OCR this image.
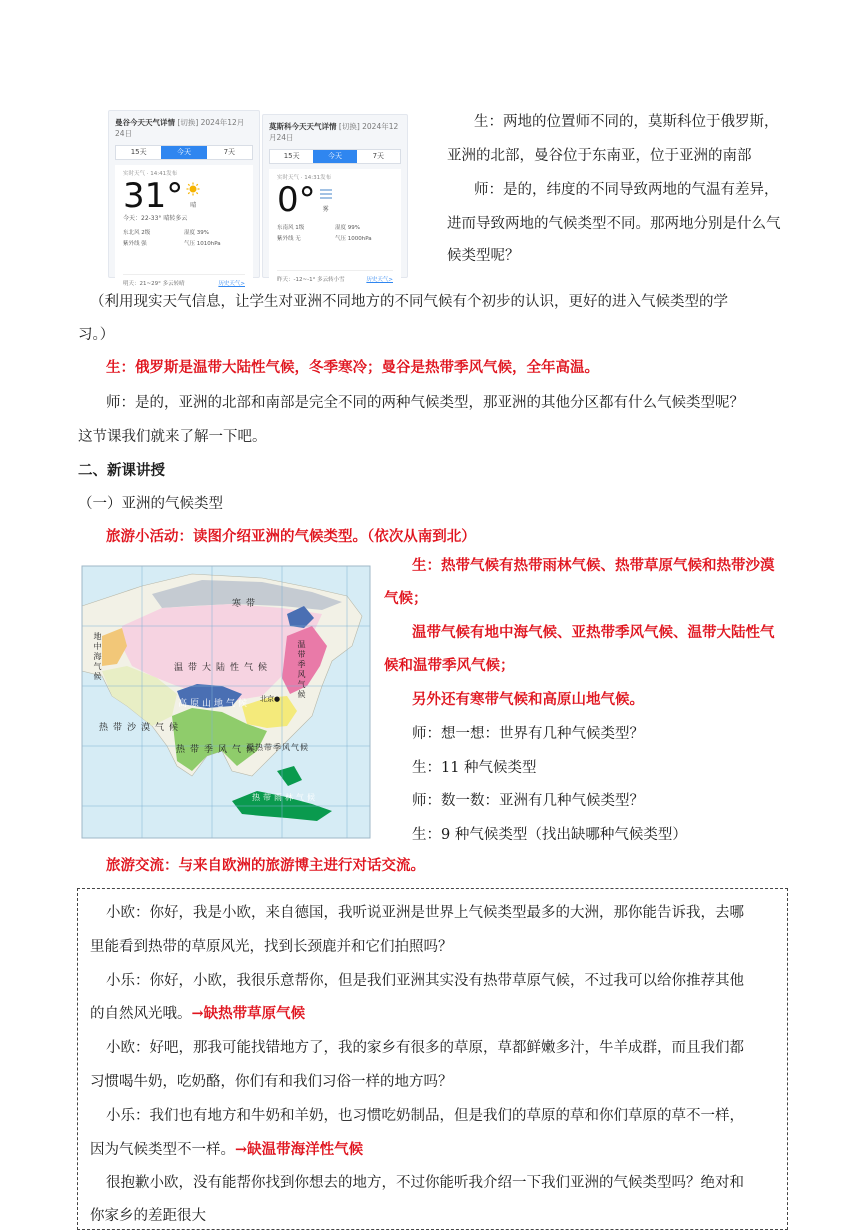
曼谷今天天气详情 [切换] 2024年12月24日
15天	今天	7天
实时天气 · 14:41发布
31°	晴
今天：22-33° 晴转多云
东北风 2级	湿度 39%
紫外线 强	气压 1010hPa
明天：21~29° 多云转晴	历史天气>
莫斯科今天天气详情 [切换] 2024年12月24日
15天	今天	7天
实时天气 · 14:31发布
0°	雾
东南风 1级	湿度 99%
紫外线 无	气压 1000hPa
昨天：-12~-1° 多云转小雪	历史天气>
生：两地的位置师不同的，莫斯科位于俄罗斯，
亚洲的北部，曼谷位于东南亚，位于亚洲的南部
师：是的，纬度的不同导致两地的气温有差异，
进而导致两地的气候类型不同。那两地分别是什么气
候类型呢？
（利用现实天气信息，让学生对亚洲不同地方的不同气候有个初步的认识，更好的进入气候类型的学
习。）
生：俄罗斯是温带大陆性气候，冬季寒冷；曼谷是热带季风气候，全年高温。
师：是的，亚洲的北部和南部是完全不同的两种气候类型，那亚洲的其他分区都有什么气候类型呢？
这节课我们就来了解一下吧。
二、新课讲授
（一）亚洲的气候类型
旅游小活动：读图介绍亚洲的气候类型。（依次从南到北）
寒带
温带大陆性气候
高原山地气候
热带沙漠气候
热带季风气候
亚热带季风气候
热带雨林气候
温带季风气候
地中海气候
北京●
生：热带气候有热带雨林气候、热带草原气候和热带沙漠
气候；
温带气候有地中海气候、亚热带季风气候、温带大陆性气
候和温带季风气候；
另外还有寒带气候和高原山地气候。
师：想一想：世界有几种气候类型？
生：11 种气候类型
师：数一数：亚洲有几种气候类型？
生：9 种气候类型（找出缺哪种气候类型）
旅游交流：与来自欧洲的旅游博主进行对话交流。
小欧：你好，我是小欧，来自德国，我听说亚洲是世界上气候类型最多的大洲，那你能告诉我，去哪
里能看到热带的草原风光，找到长颈鹿并和它们拍照吗？
小乐：你好，小欧，我很乐意帮你，但是我们亚洲其实没有热带草原气候，不过我可以给你推荐其他
的自然风光哦。→缺热带草原气候
小欧：好吧，那我可能找错地方了，我的家乡有很多的草原，草都鲜嫩多汁，牛羊成群，而且我们都
习惯喝牛奶，吃奶酪，你们有和我们习俗一样的地方吗？
小乐：我们也有地方和牛奶和羊奶，也习惯吃奶制品，但是我们的草原的草和你们草原的草不一样，
因为气候类型不一样。→缺温带海洋性气候
很抱歉小欧，没有能帮你找到你想去的地方，不过你能听我介绍一下我们亚洲的气候类型吗？绝对和
你家乡的差距很大
